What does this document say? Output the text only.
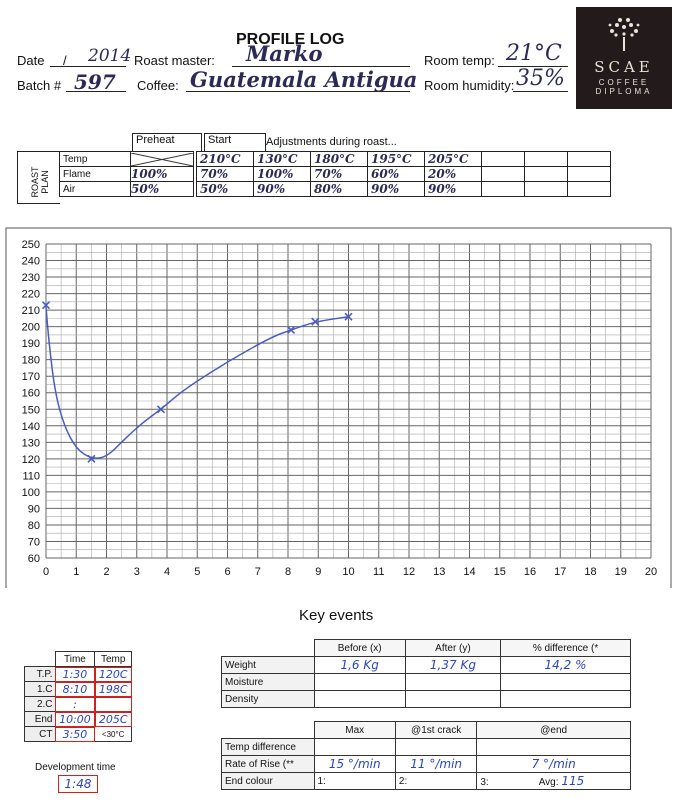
PROFILE LOG
Date / 2014 Roast master: Marko	Room temp: 21°C
Batch # 597 Coffee: Guatemala Antigua Room humidity: 35%	SCAE
COFFEE
DIPLOMA
Preheat	Start	Adjustments during roast...
ROAST PLAN
Temp			210°C	130°C	180°C	195°C	205°C			
Flame	100%		70%	100%	70%	60%	20%			
Air	50%		50%	90%	80%	90%	90%			
0 1 2 3 4 5 6 7 8 9 10 11 12 13 14 15 16 17 18 19 20
60
70
80
90
100
110
120
130
140
150
160
170
180
190
200
210
220
230
240
250
Key events
	Before (x)	After (y)	% difference (*
Weight	1,6 Kg	1,37 Kg	14,2 %
Moisture			
Density			
	Max	@1st crack	@end
Temp difference			
Rate of Rise (**	15 °/min	11 °/min	7 °/min
End colour	1:	2:	3: Avg: 115
	Time	Temp
T.P.	1:30	120C
1.C	8:10	198C
2.C	:	
End	10:00	205C
CT	3:50	<30°C
Development time
1:48
